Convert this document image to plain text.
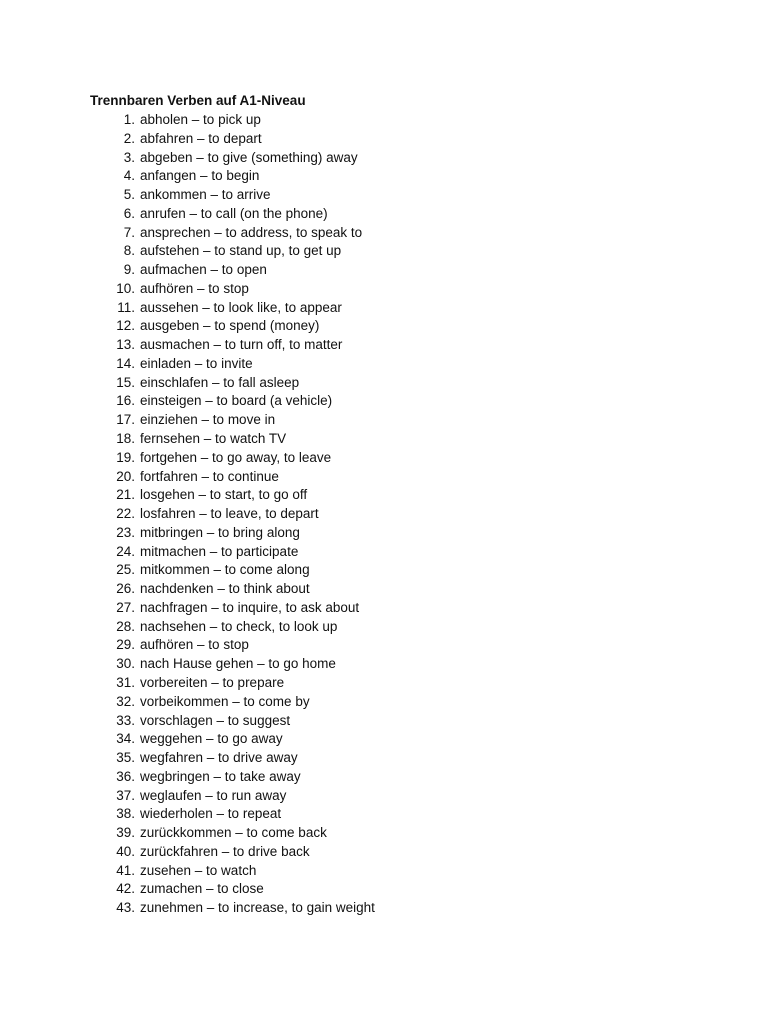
Trennbaren Verben auf A1-Niveau
1. abholen – to pick up
2. abfahren – to depart
3. abgeben – to give (something) away
4. anfangen – to begin
5. ankommen – to arrive
6. anrufen – to call (on the phone)
7. ansprechen – to address, to speak to
8. aufstehen – to stand up, to get up
9. aufmachen – to open
10. aufhören – to stop
11. aussehen – to look like, to appear
12. ausgeben – to spend (money)
13. ausmachen – to turn off, to matter
14. einladen – to invite
15. einschlafen – to fall asleep
16. einsteigen – to board (a vehicle)
17. einziehen – to move in
18. fernsehen – to watch TV
19. fortgehen – to go away, to leave
20. fortfahren – to continue
21. losgehen – to start, to go off
22. losfahren – to leave, to depart
23. mitbringen – to bring along
24. mitmachen – to participate
25. mitkommen – to come along
26. nachdenken – to think about
27. nachfragen – to inquire, to ask about
28. nachsehen – to check, to look up
29. aufhören – to stop
30. nach Hause gehen – to go home
31. vorbereiten – to prepare
32. vorbeikommen – to come by
33. vorschlagen – to suggest
34. weggehen – to go away
35. wegfahren – to drive away
36. wegbringen – to take away
37. weglaufen – to run away
38. wiederholen – to repeat
39. zurückkommen – to come back
40. zurückfahren – to drive back
41. zusehen – to watch
42. zumachen – to close
43. zunehmen – to increase, to gain weight
